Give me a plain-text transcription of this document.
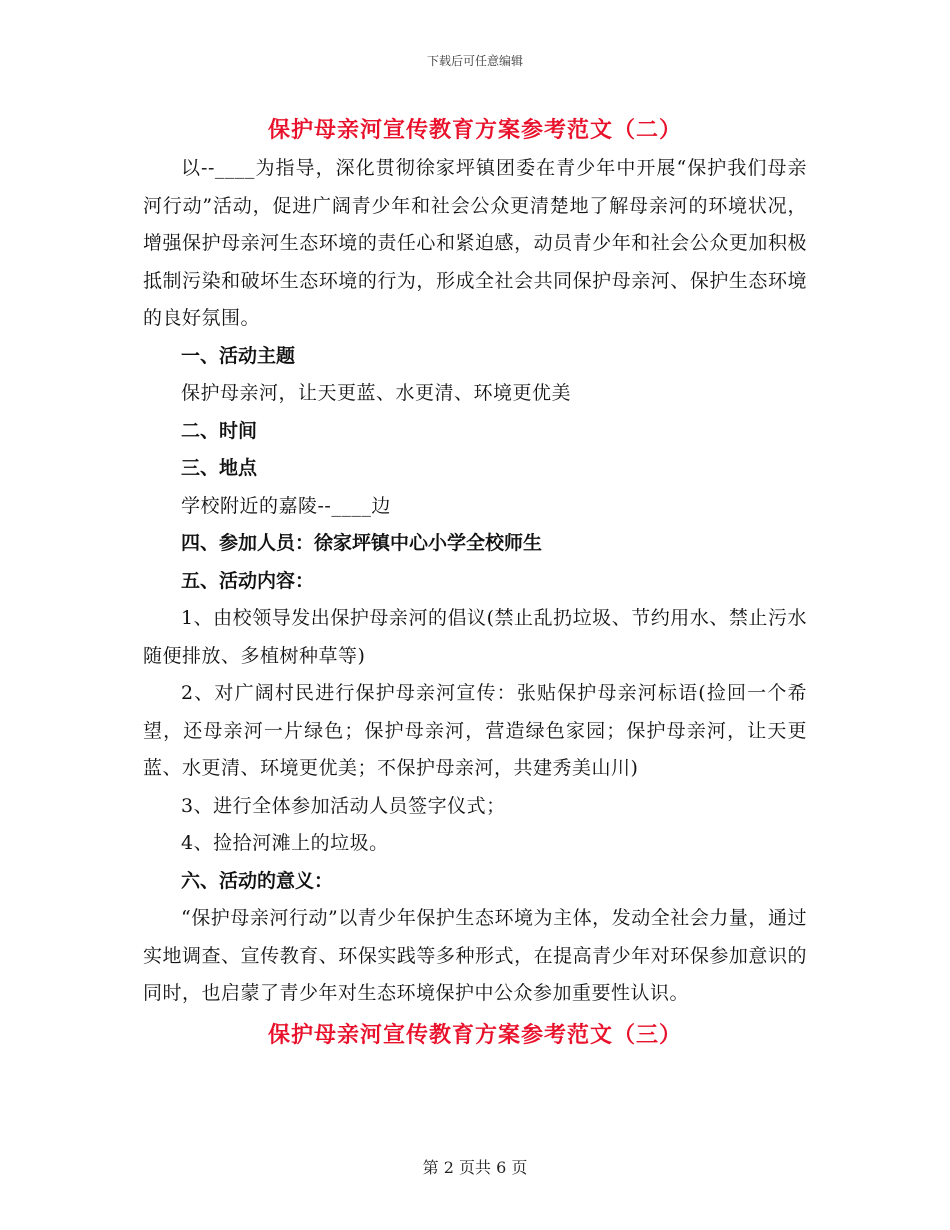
下载后可任意编辑

保护母亲河宣传教育方案参考范文（二）

以--____为指导，深化贯彻徐家坪镇团委在青少年中开展“保护我们母亲河行动”活动，促进广阔青少年和社会公众更清楚地了解母亲河的环境状况，增强保护母亲河生态环境的责任心和紧迫感，动员青少年和社会公众更加积极抵制污染和破坏生态环境的行为，形成全社会共同保护母亲河、保护生态环境的良好氛围。

一、活动主题

保护母亲河，让天更蓝、水更清、环境更优美

二、时间

三、地点

学校附近的嘉陵--____边

四、参加人员：徐家坪镇中心小学全校师生

五、活动内容：

1、由校领导发出保护母亲河的倡议(禁止乱扔垃圾、节约用水、禁止污水随便排放、多植树种草等)

2、对广阔村民进行保护母亲河宣传：张贴保护母亲河标语(捡回一个希望，还母亲河一片绿色；保护母亲河，营造绿色家园；保护母亲河，让天更蓝、水更清、环境更优美；不保护母亲河，共建秀美山川)

3、进行全体参加活动人员签字仪式；

4、捡拾河滩上的垃圾。

六、活动的意义：

“保护母亲河行动”以青少年保护生态环境为主体，发动全社会力量，通过实地调查、宣传教育、环保实践等多种形式，在提高青少年对环保参加意识的同时，也启蒙了青少年对生态环境保护中公众参加重要性认识。

保护母亲河宣传教育方案参考范文（三）
第 2 页共 6 页
